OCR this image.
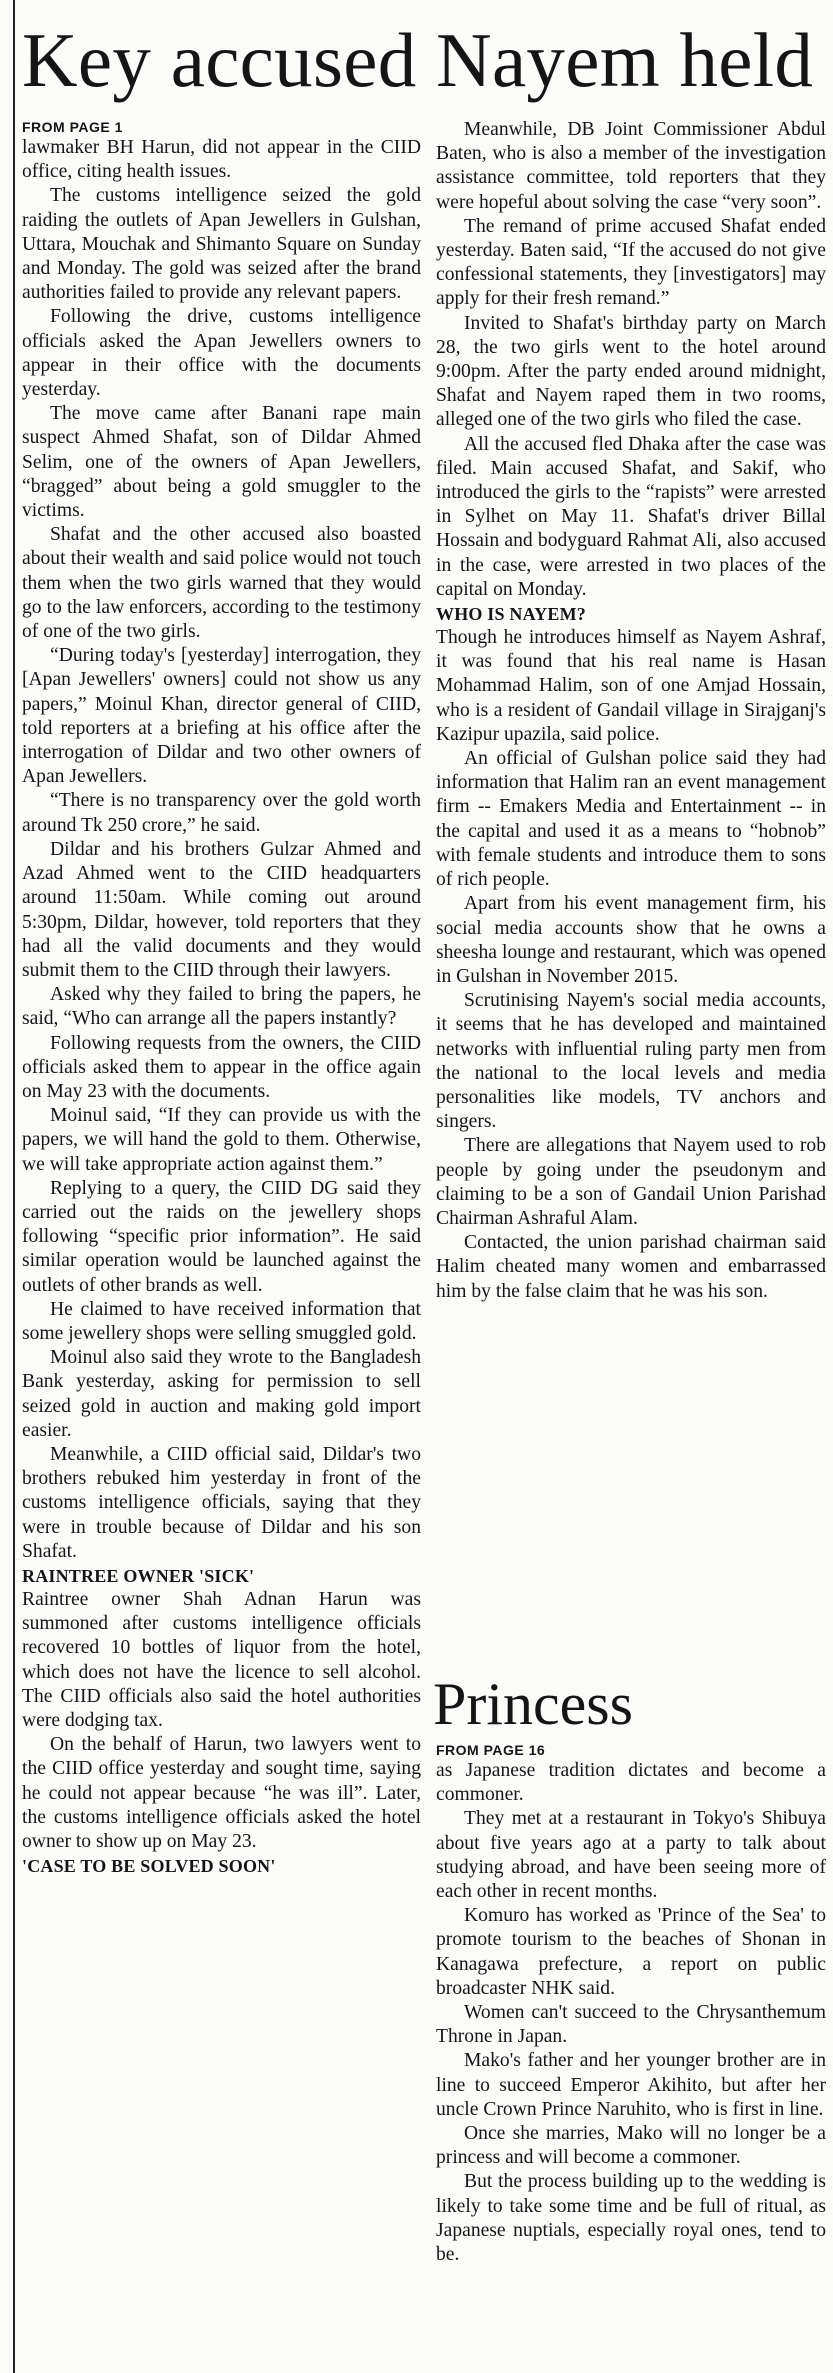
Key accused Nayem held
FROM PAGE 1

lawmaker BH Harun, did not appear in the CIID office, citing health issues.

The customs intelligence seized the gold raiding the outlets of Apan Jewellers in Gulshan, Uttara, Mouchak and Shimanto Square on Sunday and Monday. The gold was seized after the brand authorities failed to provide any relevant papers.

Following the drive, customs intelligence officials asked the Apan Jewellers owners to appear in their office with the documents yesterday.

The move came after Banani rape main suspect Ahmed Shafat, son of Dildar Ahmed Selim, one of the owners of Apan Jewellers, “bragged” about being a gold smuggler to the victims.

Shafat and the other accused also boasted about their wealth and said police would not touch them when the two girls warned that they would go to the law enforcers, according to the testimony of one of the two girls.

“During today's [yesterday] interrogation, they [Apan Jewellers' owners] could not show us any papers,” Moinul Khan, director general of CIID, told reporters at a briefing at his office after the interrogation of Dildar and two other owners of Apan Jewellers.

“There is no transparency over the gold worth around Tk 250 crore,” he said.

Dildar and his brothers Gulzar Ahmed and Azad Ahmed went to the CIID headquarters around 11:50am. While coming out around 5:30pm, Dildar, however, told reporters that they had all the valid documents and they would submit them to the CIID through their lawyers.

Asked why they failed to bring the papers, he said, “Who can arrange all the papers instantly?

Following requests from the owners, the CIID officials asked them to appear in the office again on May 23 with the documents.

Moinul said, “If they can provide us with the papers, we will hand the gold to them. Otherwise, we will take appropriate action against them.”

Replying to a query, the CIID DG said they carried out the raids on the jewellery shops following “specific prior information”. He said similar operation would be launched against the outlets of other brands as well.

He claimed to have received information that some jewellery shops were selling smuggled gold.

Moinul also said they wrote to the Bangladesh Bank yesterday, asking for permission to sell seized gold in auction and making gold import easier.

Meanwhile, a CIID official said, Dildar's two brothers rebuked him yesterday in front of the customs intelligence officials, saying that they were in trouble because of Dildar and his son Shafat.

RAINTREE OWNER 'SICK'

Raintree owner Shah Adnan Harun was summoned after customs intelligence officials recovered 10 bottles of liquor from the hotel, which does not have the licence to sell alcohol. The CIID officials also said the hotel authorities were dodging tax.

On the behalf of Harun, two lawyers went to the CIID office yesterday and sought time, saying he could not appear because “he was ill”. Later, the customs intelligence officials asked the hotel owner to show up on May 23.

'CASE TO BE SOLVED SOON'

Meanwhile, DB Joint Commissioner Abdul Baten, who is also a member of the investigation assistance committee, told reporters that they were hopeful about solving the case “very soon”.

The remand of prime accused Shafat ended yesterday. Baten said, “If the accused do not give confessional statements, they [investigators] may apply for their fresh remand.”

Invited to Shafat's birthday party on March 28, the two girls went to the hotel around 9:00pm. After the party ended around midnight, Shafat and Nayem raped them in two rooms, alleged one of the two girls who filed the case.

All the accused fled Dhaka after the case was filed. Main accused Shafat, and Sakif, who introduced the girls to the “rapists” were arrested in Sylhet on May 11. Shafat's driver Billal Hossain and bodyguard Rahmat Ali, also accused in the case, were arrested in two places of the capital on Monday.

WHO IS NAYEM?

Though he introduces himself as Nayem Ashraf, it was found that his real name is Hasan Mohammad Halim, son of one Amjad Hossain, who is a resident of Gandail village in Sirajganj's Kazipur upazila, said police.

An official of Gulshan police said they had information that Halim ran an event management firm -- Emakers Media and Entertainment -- in the capital and used it as a means to “hobnob” with female students and introduce them to sons of rich people.

Apart from his event management firm, his social media accounts show that he owns a sheesha lounge and restaurant, which was opened in Gulshan in November 2015.

Scrutinising Nayem's social media accounts, it seems that he has developed and maintained networks with influential ruling party men from the national to the local levels and media personalities like models, TV anchors and singers.

There are allegations that Nayem used to rob people by going under the pseudonym and claiming to be a son of Gandail Union Parishad Chairman Ashraful Alam.

Contacted, the union parishad chairman said Halim cheated many women and embarrassed him by the false claim that he was his son.

Princess
FROM PAGE 16

as Japanese tradition dictates and become a commoner.

They met at a restaurant in Tokyo's Shibuya about five years ago at a party to talk about studying abroad, and have been seeing more of each other in recent months.

Komuro has worked as 'Prince of the Sea' to promote tourism to the beaches of Shonan in Kanagawa prefecture, a report on public broadcaster NHK said.

Women can't succeed to the Chrysanthemum Throne in Japan.

Mako's father and her younger brother are in line to succeed Emperor Akihito, but after her uncle Crown Prince Naruhito, who is first in line.

Once she marries, Mako will no longer be a princess and will become a commoner.

But the process building up to the wedding is likely to take some time and be full of ritual, as Japanese nuptials, especially royal ones, tend to be.
